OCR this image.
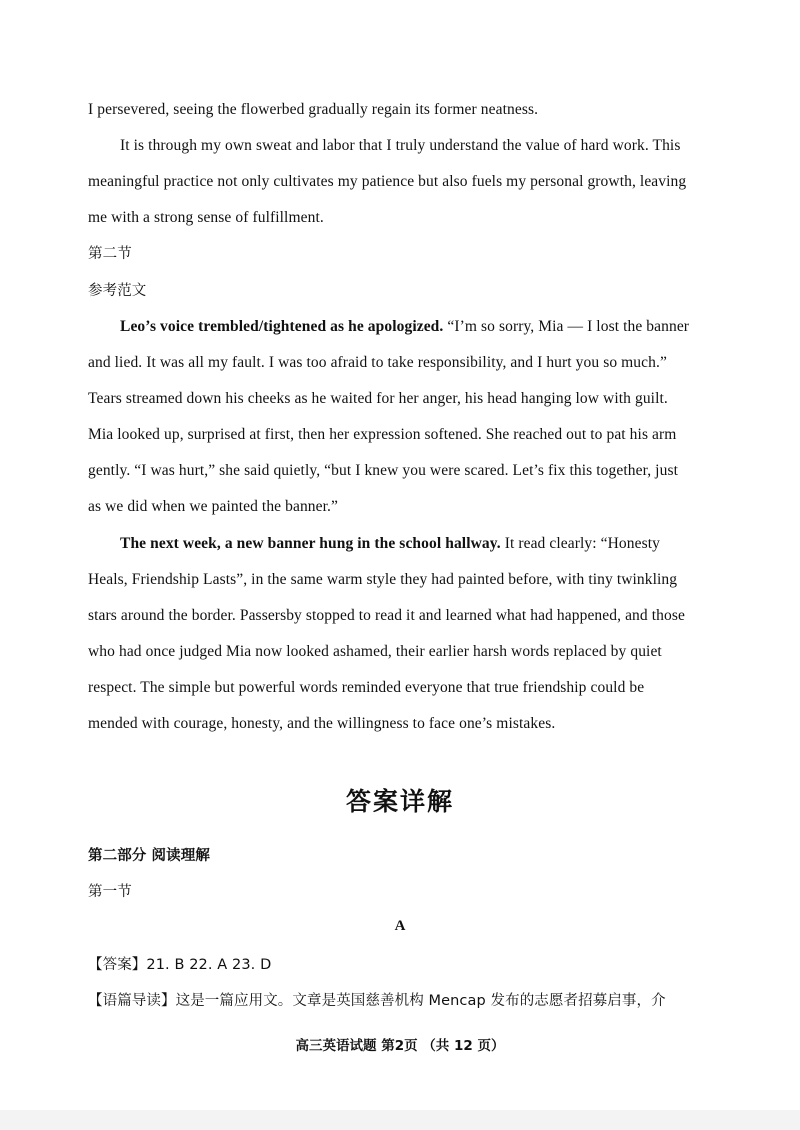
I persevered, seeing the flowerbed gradually regain its former neatness.
It is through my own sweat and labor that I truly understand the value of hard work. This
meaningful practice not only cultivates my patience but also fuels my personal growth, leaving
me with a strong sense of fulfillment.
第二节
参考范文
Leo’s voice trembled/tightened as he apologized. “I’m so sorry, Mia — I lost the banner
and lied. It was all my fault. I was too afraid to take responsibility, and I hurt you so much.”
Tears streamed down his cheeks as he waited for her anger, his head hanging low with guilt.
Mia looked up, surprised at first, then her expression softened. She reached out to pat his arm
gently. “I was hurt,” she said quietly, “but I knew you were scared. Let’s fix this together, just
as we did when we painted the banner.”
The next week, a new banner hung in the school hallway. It read clearly: “Honesty
Heals, Friendship Lasts”, in the same warm style they had painted before, with tiny twinkling
stars around the border. Passersby stopped to read it and learned what had happened, and those
who had once judged Mia now looked ashamed, their earlier harsh words replaced by quiet
respect. The simple but powerful words reminded everyone that true friendship could be
mended with courage, honesty, and the willingness to face one’s mistakes.
答案详解
第二部分 阅读理解
第一节
A
【答案】21. B 22. A 23. D
【语篇导读】这是一篇应用文。文章是英国慈善机构 Mencap 发布的志愿者招募启事，介
高三英语试题 第2页 （共 12 页）
